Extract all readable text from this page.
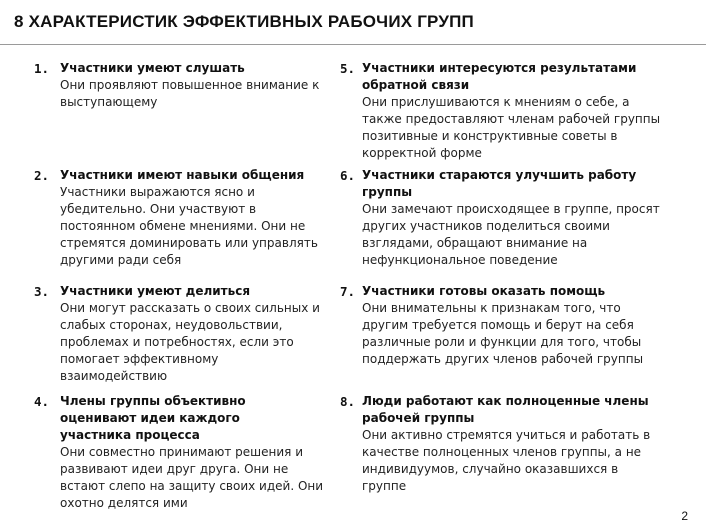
8 ХАРАКТЕРИСТИК ЭФФЕКТИВНЫХ РАБОЧИХ ГРУПП
1. Участники умеют слушать
Они проявляют повышенное внимание к выступающему
2. Участники имеют навыки общения
Участники выражаются ясно и убедительно. Они участвуют в постоянном обмене мнениями. Они не стремятся доминировать или управлять другими ради себя
3. Участники умеют делиться
Они могут рассказать о своих сильных и слабых сторонах, неудовольствии, проблемах и потребностях, если это помогает эффективному взаимодействию
4. Члены группы объективно оценивают идеи каждого участника процесса
Они совместно принимают решения и развивают идеи друг друга. Они не встают слепо на защиту своих идей. Они охотно делятся ими
5. Участники интересуются результатами обратной связи
Они прислушиваются к мнениям о себе, а также предоставляют членам рабочей группы позитивные и конструктивные советы в корректной форме
6. Участники стараются улучшить работу группы
Они замечают происходящее в группе, просят других участников поделиться своими взглядами, обращают внимание на нефункциональное поведение
7. Участники готовы оказать помощь
Они внимательны к признакам того, что другим требуется помощь и берут на себя различные роли и функции для того, чтобы поддержать других членов рабочей группы
8. Люди работают как полноценные члены рабочей группы
Они активно стремятся учиться и работать в качестве полноценных членов группы, а не индивидуумов, случайно оказавшихся в группе
2
